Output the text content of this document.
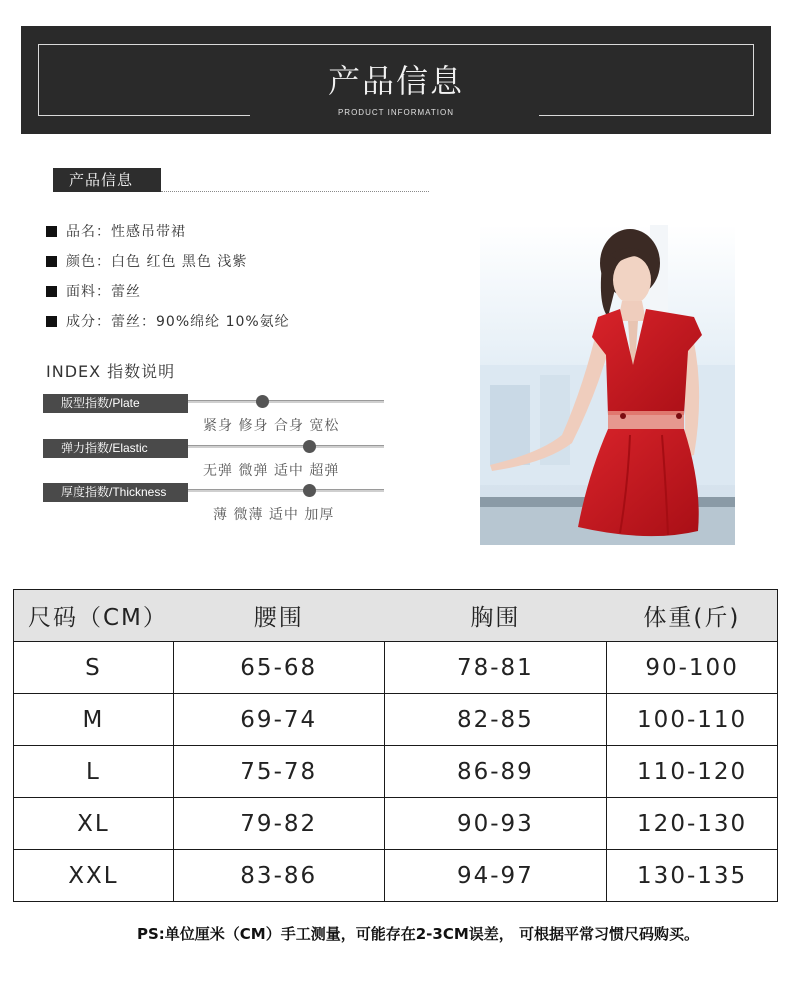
产品信息
PRODUCT INFORMATION
产品信息
品名： 性感吊带裙
颜色： 白色 红色 黑色 浅紫
面料： 蕾丝
成分： 蕾丝：90%绵纶 10%氨纶
INDEX 指数说明
版型指数/Plate
紧身 修身 合身 宽松
弹力指数/Elastic
无弹 微弹 适中 超弹
厚度指数/Thickness
薄 微薄 适中 加厚
尺码（CM）	腰围	胸围	体重(斤)
S	65-68	78-81	90-100
M	69-74	82-85	100-110
L	75-78	86-89	110-120
XL	79-82	90-93	120-130
XXL	83-86	94-97	130-135
PS:单位厘米（CM）手工测量，可能存在2-3CM误差， 可根据平常习惯尺码购买。
